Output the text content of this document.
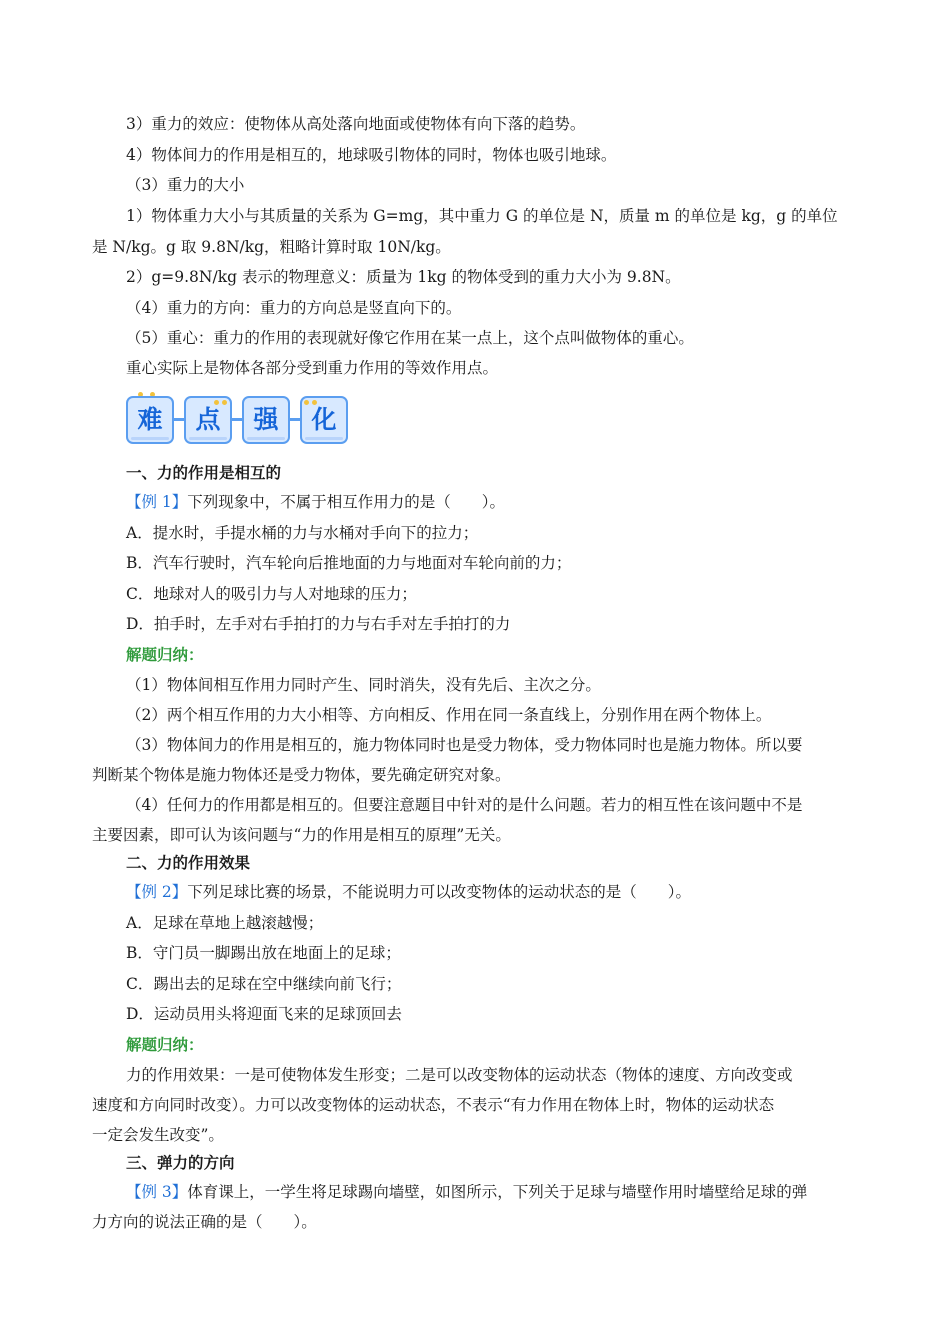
3）重力的效应：使物体从高处落向地面或使物体有向下落的趋势。
4）物体间力的作用是相互的，地球吸引物体的同时，物体也吸引地球。
（3）重力的大小
1）物体重力大小与其质量的关系为 G=mg，其中重力 G 的单位是 N，质量 m 的单位是 kg，g 的单位
是 N/kg。g 取 9.8N/kg，粗略计算时取 10N/kg。
2）g=9.8N/kg 表示的物理意义：质量为 1kg 的物体受到的重力大小为 9.8N。
（4）重力的方向：重力的方向总是竖直向下的。
（5）重心：重力的作用的表现就好像它作用在某一点上，这个点叫做物体的重心。
重心实际上是物体各部分受到重力作用的等效作用点。
难	点	强	化
一、力的作用是相互的
【例 1】下列现象中，不属于相互作用力的是（　　）。
A．提水时，手提水桶的力与水桶对手向下的拉力；
B．汽车行驶时，汽车轮向后推地面的力与地面对车轮向前的力；
C．地球对人的吸引力与人对地球的压力；
D．拍手时，左手对右手拍打的力与右手对左手拍打的力
解题归纳：
（1）物体间相互作用力同时产生、同时消失，没有先后、主次之分。
（2）两个相互作用的力大小相等、方向相反、作用在同一条直线上，分别作用在两个物体上。
（3）物体间力的作用是相互的，施力物体同时也是受力物体，受力物体同时也是施力物体。所以要
判断某个物体是施力物体还是受力物体，要先确定研究对象。
（4）任何力的作用都是相互的。但要注意题目中针对的是什么问题。若力的相互性在该问题中不是
主要因素，即可认为该问题与“力的作用是相互的原理”无关。
二、力的作用效果
【例 2】下列足球比赛的场景，不能说明力可以改变物体的运动状态的是（　　）。
A．足球在草地上越滚越慢；
B．守门员一脚踢出放在地面上的足球；
C．踢出去的足球在空中继续向前飞行；
D．运动员用头将迎面飞来的足球顶回去
解题归纳：
力的作用效果：一是可使物体发生形变；二是可以改变物体的运动状态（物体的速度、方向改变或
速度和方向同时改变）。力可以改变物体的运动状态，不表示“有力作用在物体上时，物体的运动状态
一定会发生改变”。
三、弹力的方向
【例 3】体育课上，一学生将足球踢向墙壁，如图所示，下列关于足球与墙壁作用时墙壁给足球的弹
力方向的说法正确的是（　　）。
